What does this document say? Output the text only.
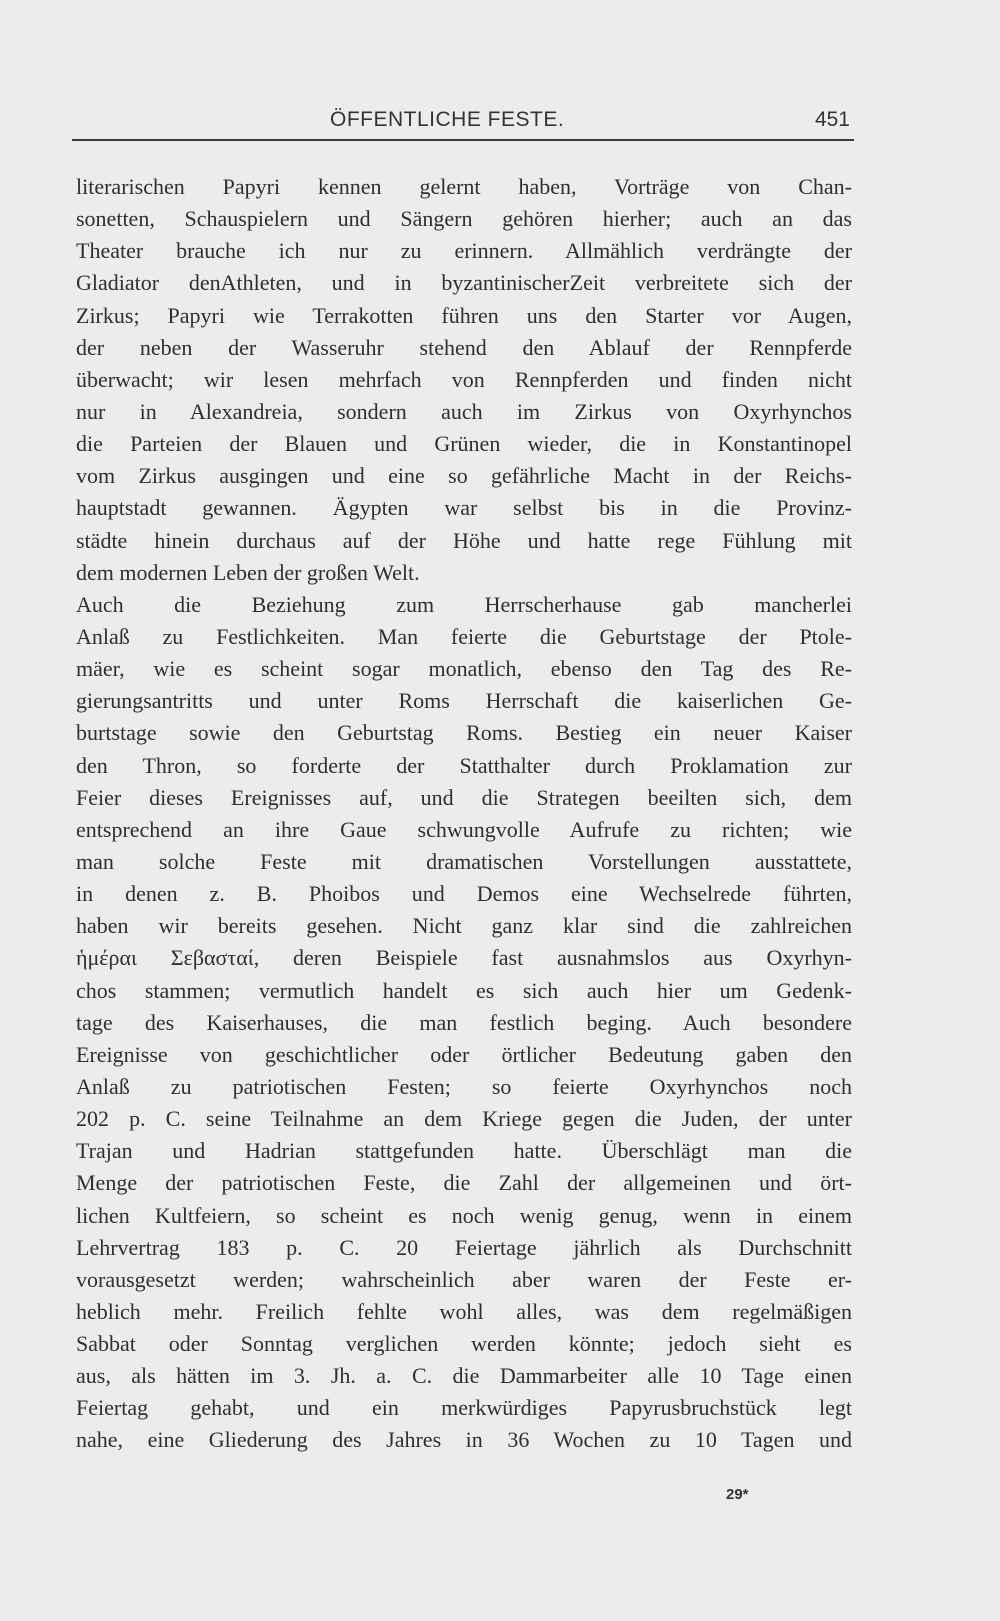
ÖFFENTLICHE FESTE.	451
literarischen Papyri kennen gelernt haben, Vorträge von Chan-
sonetten, Schauspielern und Sängern gehören hierher; auch an das
Theater brauche ich nur zu erinnern. Allmählich verdrängte der
Gladiator denAthleten, und in byzantinischerZeit verbreitete sich der
Zirkus; Papyri wie Terrakotten führen uns den Starter vor Augen,
der neben der Wasseruhr stehend den Ablauf der Rennpferde
überwacht; wir lesen mehrfach von Rennpferden und finden nicht
nur in Alexandreia, sondern auch im Zirkus von Oxyrhynchos
die Parteien der Blauen und Grünen wieder, die in Konstantinopel
vom Zirkus ausgingen und eine so gefährliche Macht in der Reichs-
hauptstadt gewannen. Ägypten war selbst bis in die Provinz-
städte hinein durchaus auf der Höhe und hatte rege Fühlung mit
dem modernen Leben der großen Welt.
Auch die Beziehung zum Herrscherhause gab mancherlei
Anlaß zu Festlichkeiten. Man feierte die Geburtstage der Ptole-
mäer, wie es scheint sogar monatlich, ebenso den Tag des Re-
gierungsantritts und unter Roms Herrschaft die kaiserlichen Ge-
burtstage sowie den Geburtstag Roms. Bestieg ein neuer Kaiser
den Thron, so forderte der Statthalter durch Proklamation zur
Feier dieses Ereignisses auf, und die Strategen beeilten sich, dem
entsprechend an ihre Gaue schwungvolle Aufrufe zu richten; wie
man solche Feste mit dramatischen Vorstellungen ausstattete,
in denen z. B. Phoibos und Demos eine Wechselrede führten,
haben wir bereits gesehen. Nicht ganz klar sind die zahlreichen
ἡμέραι Σεβασταί, deren Beispiele fast ausnahmslos aus Oxyrhyn-
chos stammen; vermutlich handelt es sich auch hier um Gedenk-
tage des Kaiserhauses, die man festlich beging. Auch besondere
Ereignisse von geschichtlicher oder örtlicher Bedeutung gaben den
Anlaß zu patriotischen Festen; so feierte Oxyrhynchos noch
202 p. C. seine Teilnahme an dem Kriege gegen die Juden, der unter
Trajan und Hadrian stattgefunden hatte. Überschlägt man die
Menge der patriotischen Feste, die Zahl der allgemeinen und ört-
lichen Kultfeiern, so scheint es noch wenig genug, wenn in einem
Lehrvertrag 183 p. C. 20 Feiertage jährlich als Durchschnitt
vorausgesetzt werden; wahrscheinlich aber waren der Feste er-
heblich mehr. Freilich fehlte wohl alles, was dem regelmäßigen
Sabbat oder Sonntag verglichen werden könnte; jedoch sieht es
aus, als hätten im 3. Jh. a. C. die Dammarbeiter alle 10 Tage einen
Feiertag gehabt, und ein merkwürdiges Papyrusbruchstück legt
nahe, eine Gliederung des Jahres in 36 Wochen zu 10 Tagen und
29*
